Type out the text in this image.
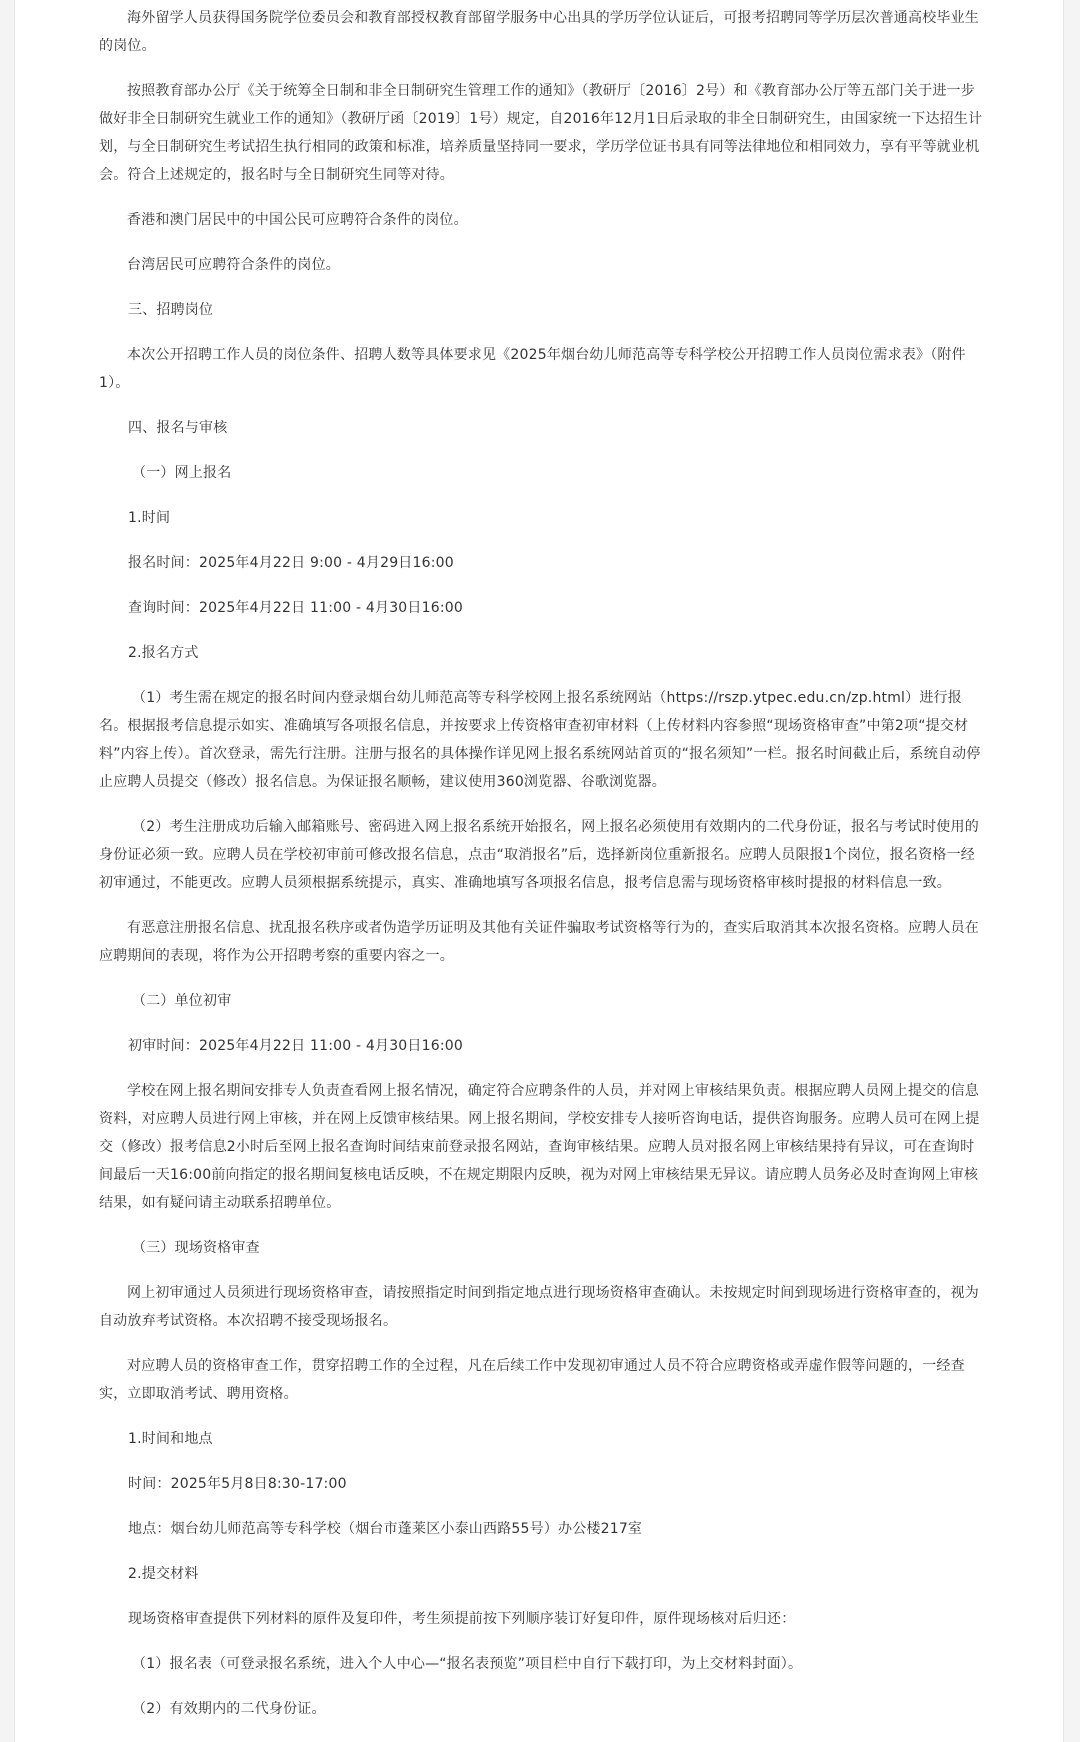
海外留学人员获得国务院学位委员会和教育部授权教育部留学服务中心出具的学历学位认证后，可报考招聘同等学历层次普通高校毕业生的岗位。

按照教育部办公厅《关于统筹全日制和非全日制研究生管理工作的通知》（教研厅〔2016〕2号）和《教育部办公厅等五部门关于进一步做好非全日制研究生就业工作的通知》（教研厅函〔2019〕1号）规定，自2016年12月1日后录取的非全日制研究生，由国家统一下达招生计划，与全日制研究生考试招生执行相同的政策和标准，培养质量坚持同一要求，学历学位证书具有同等法律地位和相同效力，享有平等就业机会。符合上述规定的，报名时与全日制研究生同等对待。

香港和澳门居民中的中国公民可应聘符合条件的岗位。

台湾居民可应聘符合条件的岗位。

三、招聘岗位

本次公开招聘工作人员的岗位条件、招聘人数等具体要求见《2025年烟台幼儿师范高等专科学校公开招聘工作人员岗位需求表》（附件1）。

四、报名与审核

（一）网上报名

1.时间

报名时间：2025年4月22日 9:00 - 4月29日16:00

查询时间：2025年4月22日 11:00 - 4月30日16:00

2.报名方式

（1）考生需在规定的报名时间内登录烟台幼儿师范高等专科学校网上报名系统网站（https://rszp.ytpec.edu.cn/zp.html）进行报名。根据报考信息提示如实、准确填写各项报名信息，并按要求上传资格审查初审材料（上传材料内容参照“现场资格审查”中第2项“提交材料”内容上传）。首次登录，需先行注册。注册与报名的具体操作详见网上报名系统网站首页的“报名须知”一栏。报名时间截止后，系统自动停止应聘人员提交（修改）报名信息。为保证报名顺畅，建议使用360浏览器、谷歌浏览器。

（2）考生注册成功后输入邮箱账号、密码进入网上报名系统开始报名，网上报名必须使用有效期内的二代身份证，报名与考试时使用的身份证必须一致。应聘人员在学校初审前可修改报名信息，点击“取消报名”后，选择新岗位重新报名。应聘人员限报1个岗位，报名资格一经初审通过，不能更改。应聘人员须根据系统提示，真实、准确地填写各项报名信息，报考信息需与现场资格审核时提报的材料信息一致。

有恶意注册报名信息、扰乱报名秩序或者伪造学历证明及其他有关证件骗取考试资格等行为的，查实后取消其本次报名资格。应聘人员在应聘期间的表现，将作为公开招聘考察的重要内容之一。

（二）单位初审

初审时间：2025年4月22日 11:00 - 4月30日16:00

学校在网上报名期间安排专人负责查看网上报名情况，确定符合应聘条件的人员，并对网上审核结果负责。根据应聘人员网上提交的信息资料，对应聘人员进行网上审核，并在网上反馈审核结果。网上报名期间，学校安排专人接听咨询电话，提供咨询服务。应聘人员可在网上提交（修改）报考信息2小时后至网上报名查询时间结束前登录报名网站，查询审核结果。应聘人员对报名网上审核结果持有异议，可在查询时间最后一天16:00前向指定的报名期间复核电话反映，不在规定期限内反映，视为对网上审核结果无异议。请应聘人员务必及时查询网上审核结果，如有疑问请主动联系招聘单位。

（三）现场资格审查

网上初审通过人员须进行现场资格审查，请按照指定时间到指定地点进行现场资格审查确认。未按规定时间到现场进行资格审查的，视为自动放弃考试资格。本次招聘不接受现场报名。

对应聘人员的资格审查工作，贯穿招聘工作的全过程，凡在后续工作中发现初审通过人员不符合应聘资格或弄虚作假等问题的，一经查实，立即取消考试、聘用资格。

1.时间和地点

时间：2025年5月8日8:30-17:00

地点：烟台幼儿师范高等专科学校（烟台市蓬莱区小泰山西路55号）办公楼217室

2.提交材料

现场资格审查提供下列材料的原件及复印件，考生须提前按下列顺序装订好复印件，原件现场核对后归还：

（1）报名表（可登录报名系统，进入个人中心—“报名表预览”项目栏中自行下载打印，为上交材料封面）。

（2）有效期内的二代身份证。
